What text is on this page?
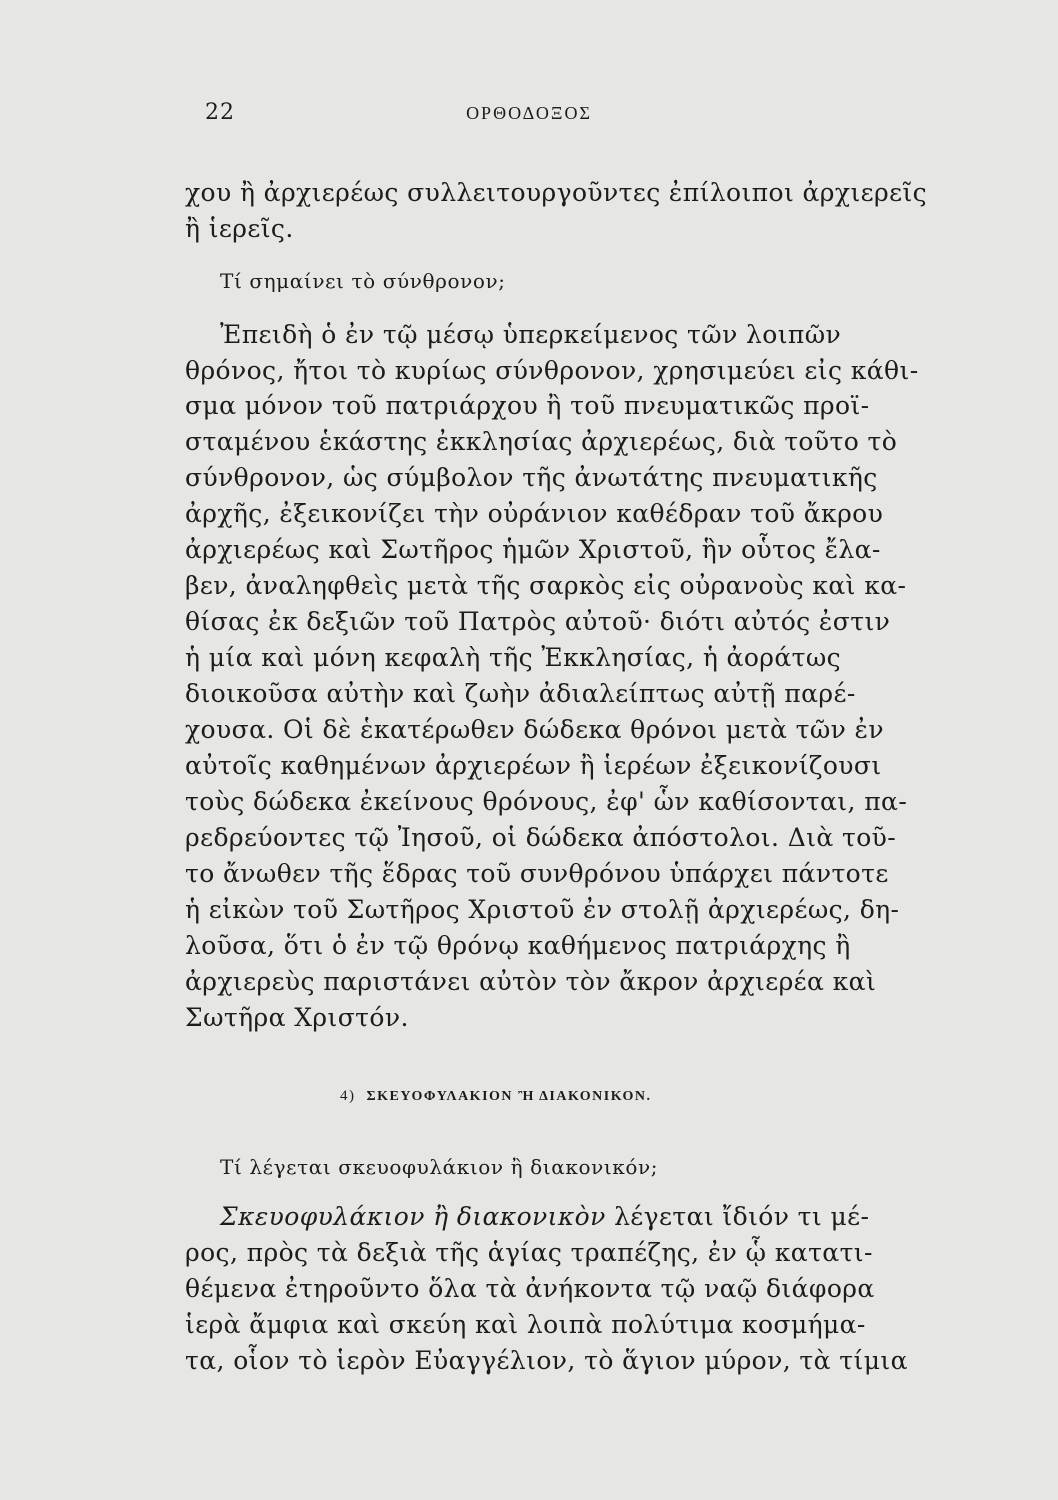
22	ΟΡΘΟΔΟΞΟΣ
χου ἢ ἀρχιερέως συλλειτουργοῦντες ἐπίλοιποι ἀρχιερεῖς
ἢ ἱερεῖς.
Τί σημαίνει τὸ σύνθρονον;
Ἐπειδὴ ὁ ἐν τῷ μέσῳ ὑπερκείμενος τῶν λοιπῶν
θρόνος, ἤτοι τὸ κυρίως σύνθρονον, χρησιμεύει εἰς κάθι-
σμα μόνον τοῦ πατριάρχου ἢ τοῦ πνευματικῶς προϊ-
σταμένου ἑκάστης ἐκκλησίας ἀρχιερέως, διὰ τοῦτο τὸ
σύνθρονον, ὡς σύμβολον τῆς ἀνωτάτης πνευματικῆς
ἀρχῆς, ἐξεικονίζει τὴν οὐράνιον καθέδραν τοῦ ἄκρου
ἀρχιερέως καὶ Σωτῆρος ἡμῶν Χριστοῦ, ἣν οὗτος ἔλα-
βεν, ἀναληφθεὶς μετὰ τῆς σαρκὸς εἰς οὐρανοὺς καὶ κα-
θίσας ἐκ δεξιῶν τοῦ Πατρὸς αὐτοῦ· διότι αὐτός ἐστιν
ἡ μία καὶ μόνη κεφαλὴ τῆς Ἐκκλησίας, ἡ ἀοράτως
διοικοῦσα αὐτὴν καὶ ζωὴν ἀδιαλείπτως αὐτῇ παρέ-
χουσα. Οἱ δὲ ἑκατέρωθεν δώδεκα θρόνοι μετὰ τῶν ἐν
αὐτοῖς καθημένων ἀρχιερέων ἢ ἱερέων ἐξεικονίζουσι
τοὺς δώδεκα ἐκείνους θρόνους, ἐφ' ὧν καθίσονται, πα-
ρεδρεύοντες τῷ Ἰησοῦ, οἱ δώδεκα ἀπόστολοι. Διὰ τοῦ-
το ἄνωθεν τῆς ἕδρας τοῦ συνθρόνου ὑπάρχει πάντοτε
ἡ εἰκὼν τοῦ Σωτῆρος Χριστοῦ ἐν στολῇ ἀρχιερέως, δη-
λοῦσα, ὅτι ὁ ἐν τῷ θρόνῳ καθήμενος πατριάρχης ἢ
ἀρχιερεὺς παριστάνει αὐτὸν τὸν ἄκρον ἀρχιερέα καὶ
Σωτῆρα Χριστόν.
4) ΣΚΕΥΟΦΥΛΑΚΙΟΝ Ἢ ΔΙΑΚΟΝΙΚΟΝ.
Τί λέγεται σκευοφυλάκιον ἢ διακονικόν;
Σκευοφυλάκιον ἢ διακονικὸν λέγεται ἴδιόν τι μέ-
ρος, πρὸς τὰ δεξιὰ τῆς ἁγίας τραπέζης, ἐν ᾧ κατατι-
θέμενα ἐτηροῦντο ὅλα τὰ ἀνήκοντα τῷ ναῷ διάφορα
ἱερὰ ἄμφια καὶ σκεύη καὶ λοιπὰ πολύτιμα κοσμήμα-
τα, οἷον τὸ ἱερὸν Εὐαγγέλιον, τὸ ἅγιον μύρον, τὰ τίμια
